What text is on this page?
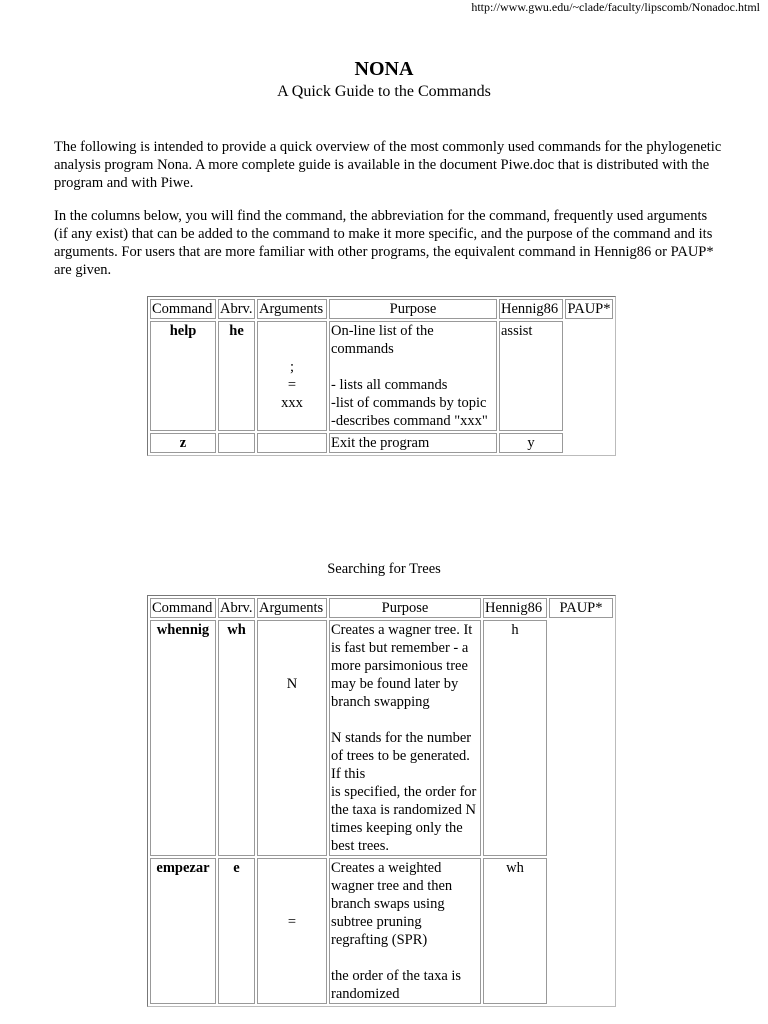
http://www.gwu.edu/~clade/faculty/lipscomb/Nonadoc.html
NONA
A Quick Guide to the Commands

The following is intended to provide a quick overview of the most commonly used commands for the phylogenetic analysis program Nona. A more complete guide is available in the document Piwe.doc that is distributed with the program and with Piwe.

In the columns below, you will find the command, the abbreviation for the command, frequently used arguments (if any exist) that can be added to the command to make it more specific, and the purpose of the command and its arguments. For users that are more familiar with other programs, the equivalent command in Hennig86 or PAUP* are given.

Command	Abrv.	Arguments	Purpose	Hennig86	PAUP*
help	he	;
=
xxx	On-line list of the commands
- lists all commands
-list of commands by topic
-describes command "xxx"	assist	
z			Exit the program	y	
Searching for Trees
Command	Abrv.	Arguments	Purpose	Hennig86	PAUP*
whennig	wh	N	Creates a wagner tree. It is fast but remember - a more parsimonious tree may be found later by branch swapping
N stands for the number of trees to be generated. If this
is specified, the order for the taxa is randomized N times keeping only the best trees.	h	
empezar	e	=	Creates a weighted wagner tree and then branch swaps using subtree pruning regrafting (SPR)
the order of the taxa is randomized	wh	
